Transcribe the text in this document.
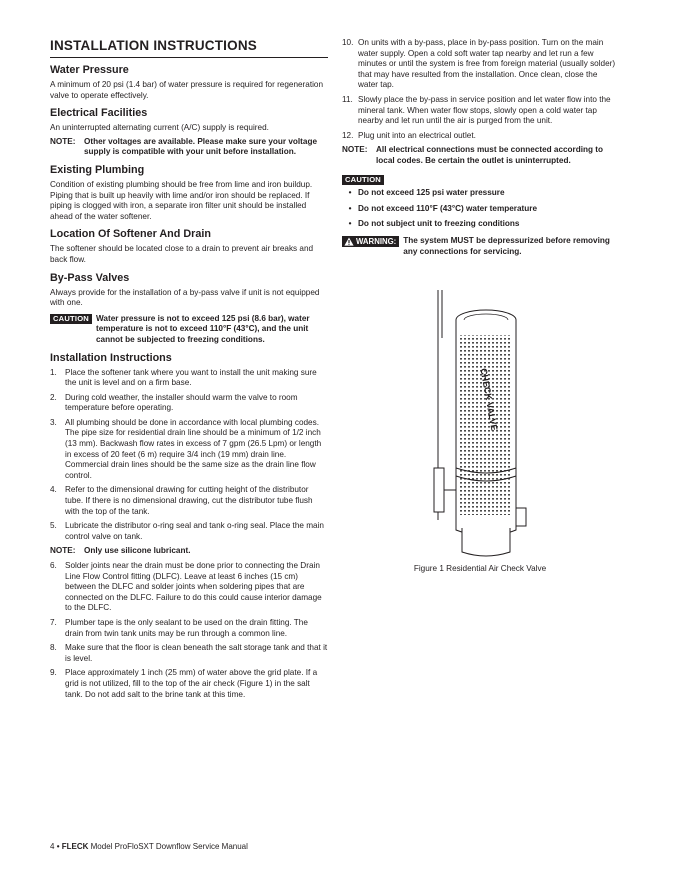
INSTALLATION INSTRUCTIONS
Water Pressure

A minimum of 20 psi (1.4 bar) of water pressure is required for regeneration valve to operate effectively.

Electrical Facilities

An uninterrupted alternating current (A/C) supply is required.

NOTE:	Other voltages are available. Please make sure your voltage supply is compatible with your unit before installation.
Existing Plumbing

Condition of existing plumbing should be free from lime and iron buildup. Piping that is built up heavily with lime and/or iron should be replaced. If piping is clogged with iron, a separate iron filter unit should be installed ahead of the water softener.

Location Of Softener And Drain

The softener should be located close to a drain to prevent air breaks and back flow.

By-Pass Valves

Always provide for the installation of a by-pass valve if unit is not equipped with one.

CAUTION Water pressure is not to exceed 125 psi (8.6 bar), water temperature is not to exceed 110°F (43°C), and the unit cannot be subjected to freezing conditions.
Installation Instructions
1. Place the softener tank where you want to install the unit making sure the unit is level and on a firm base.
2. During cold weather, the installer should warm the valve to room temperature before operating.
3. All plumbing should be done in accordance with local plumbing codes. The pipe size for residential drain line should be a minimum of 1/2 inch (13 mm). Backwash flow rates in excess of 7 gpm (26.5 Lpm) or length in excess of 20 feet (6 m) require 3/4 inch (19 mm) drain line. Commercial drain lines should be the same size as the drain line flow control.
4. Refer to the dimensional drawing for cutting height of the distributor tube. If there is no dimensional drawing, cut the distributor tube flush with the top of the tank.
5. Lubricate the distributor o-ring seal and tank o-ring seal. Place the main control valve on tank.
NOTE:	Only use silicone lubricant.
6. Solder joints near the drain must be done prior to connecting the Drain Line Flow Control fitting (DLFC). Leave at least 6 inches (15 cm) between the DLFC and solder joints when soldering pipes that are connected on the DLFC. Failure to do this could cause interior damage to the DLFC.
7. Plumber tape is the only sealant to be used on the drain fitting. The drain from twin tank units may be run through a common line.
8. Make sure that the floor is clean beneath the salt storage tank and that it is level.
9. Place approximately 1 inch (25 mm) of water above the grid plate. If a grid is not utilized, fill to the top of the air check (Figure 1) in the salt tank. Do not add salt to the brine tank at this time.
10. On units with a by-pass, place in by-pass position. Turn on the main water supply. Open a cold soft water tap nearby and let run a few minutes or until the system is free from foreign material (usually solder) that may have resulted from the installation. Once clean, close the water tap.
11. Slowly place the by-pass in service position and let water flow into the mineral tank. When water flow stops, slowly open a cold water tap nearby and let run until the air is purged from the unit.
12. Plug unit into an electrical outlet.
NOTE:	All electrical connections must be connected according to local codes. Be certain the outlet is uninterrupted.
CAUTION
• Do not exceed 125 psi water pressure
• Do not exceed 110°F (43°C) water temperature
• Do not subject unit to freezing conditions
WARNING: The system MUST be depressurized before removing any connections for servicing.
CHECK VALVE
Figure 1 Residential Air Check Valve
4 • FLECK Model ProFloSXT Downflow Service Manual
